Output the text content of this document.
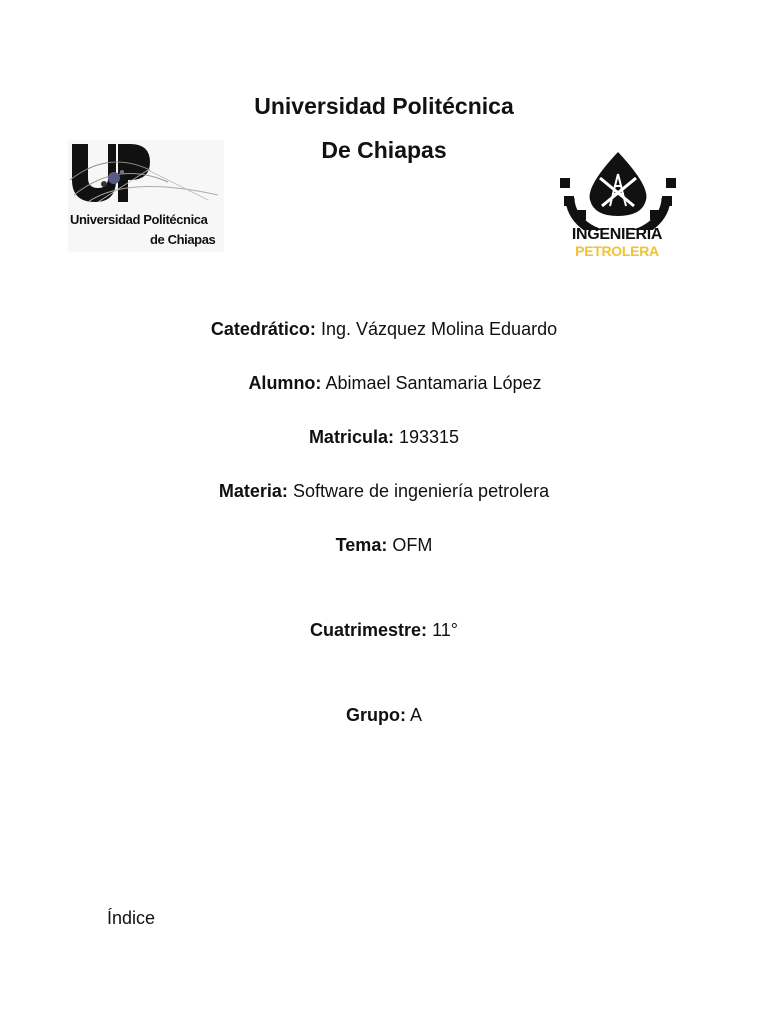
Universidad Politécnica
De Chiapas
Universidad Politécnica
de Chiapas	INGENIERÍA
PETROLERA
Catedrático: Ing. Vázquez Molina Eduardo
Alumno: Abimael Santamaria López
Matricula: 193315
Materia: Software de ingeniería petrolera
Tema: OFM
Cuatrimestre: 11°
Grupo: A
Índice
